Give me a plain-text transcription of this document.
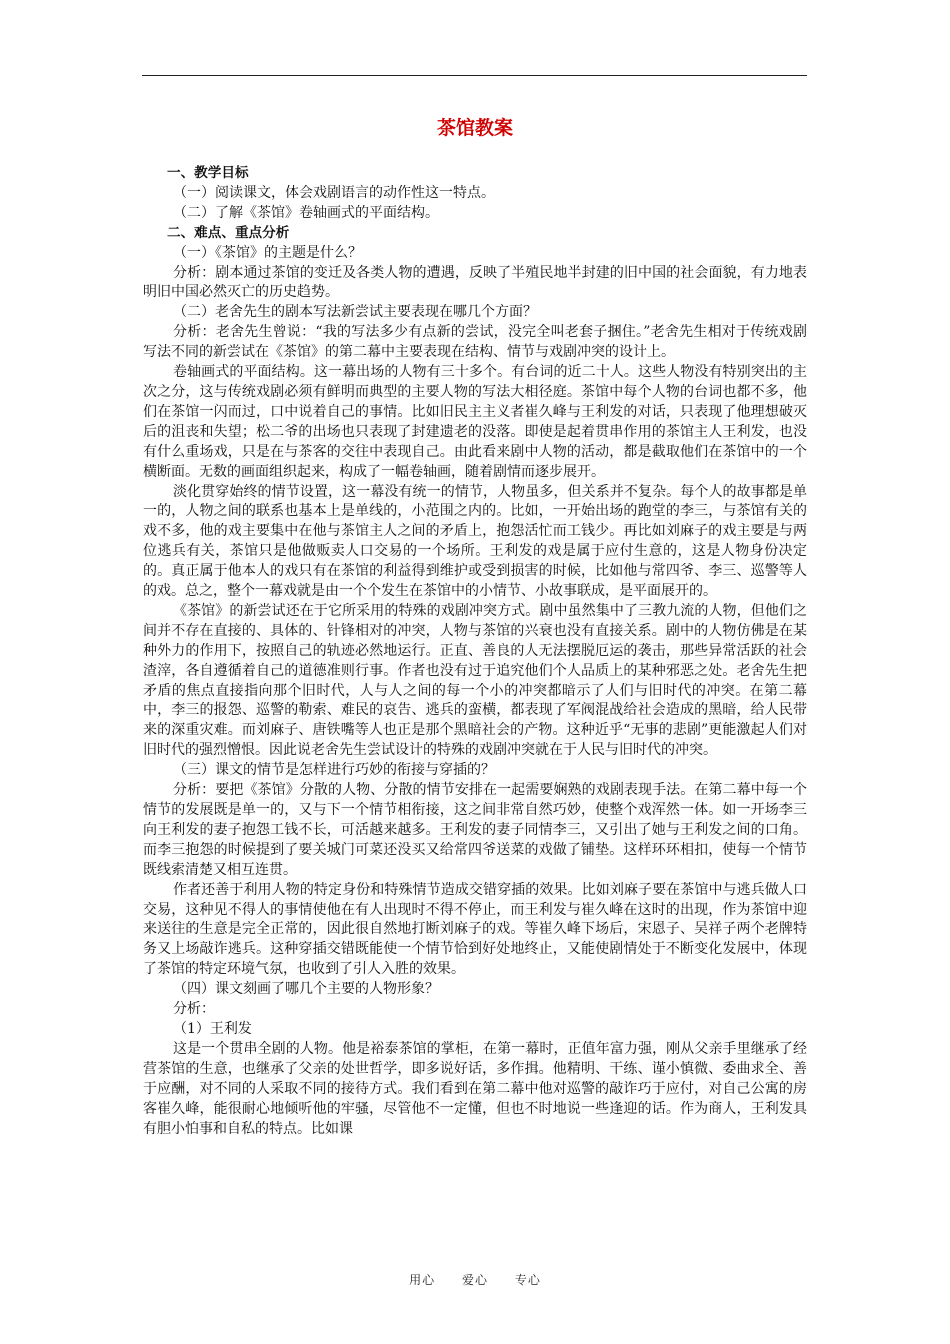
茶馆教案

一、教学目标

（一）阅读课文，体会戏剧语言的动作性这一特点。

（二）了解《茶馆》卷轴画式的平面结构。

二、难点、重点分析

（一）《茶馆》的主题是什么？

分析：剧本通过茶馆的变迁及各类人物的遭遇，反映了半殖民地半封建的旧中国的社会面貌，有力地表明旧中国必然灭亡的历史趋势。

（二）老舍先生的剧本写法新尝试主要表现在哪几个方面？

分析：老舍先生曾说：“我的写法多少有点新的尝试，没完全叫老套子捆住。”老舍先生相对于传统戏剧写法不同的新尝试在《茶馆》的第二幕中主要表现在结构、情节与戏剧冲突的设计上。

卷轴画式的平面结构。这一幕出场的人物有三十多个。有台词的近二十人。这些人物没有特别突出的主次之分，这与传统戏剧必须有鲜明而典型的主要人物的写法大相径庭。茶馆中每个人物的台词也都不多，他们在茶馆一闪而过，口中说着自己的事情。比如旧民主主义者崔久峰与王利发的对话，只表现了他理想破灭后的沮丧和失望；松二爷的出场也只表现了封建遗老的没落。即使是起着贯串作用的茶馆主人王利发，也没有什么重场戏，只是在与茶客的交往中表现自己。由此看来剧中人物的活动，都是截取他们在茶馆中的一个横断面。无数的画面组织起来，构成了一幅卷轴画，随着剧情而逐步展开。

淡化贯穿始终的情节设置，这一幕没有统一的情节，人物虽多，但关系并不复杂。每个人的故事都是单一的，人物之间的联系也基本上是单线的，小范围之内的。比如，一开始出场的跑堂的李三，与茶馆有关的戏不多，他的戏主要集中在他与茶馆主人之间的矛盾上，抱怨活忙而工钱少。再比如刘麻子的戏主要是与两位逃兵有关，茶馆只是他做贩卖人口交易的一个场所。王利发的戏是属于应付生意的，这是人物身份决定的。真正属于他本人的戏只有在茶馆的利益得到维护或受到损害的时候，比如他与常四爷、李三、巡警等人的戏。总之，整个一幕戏就是由一个个发生在茶馆中的小情节、小故事联成，是平面展开的。

《茶馆》的新尝试还在于它所采用的特殊的戏剧冲突方式。剧中虽然集中了三教九流的人物，但他们之间并不存在直接的、具体的、针锋相对的冲突，人物与茶馆的兴衰也没有直接关系。剧中的人物仿佛是在某种外力的作用下，按照自己的轨迹必然地运行。正直、善良的人无法摆脱厄运的袭击，那些异常活跃的社会渣滓，各自遵循着自己的道德准则行事。作者也没有过于追究他们个人品质上的某种邪恶之处。老舍先生把矛盾的焦点直接指向那个旧时代，人与人之间的每一个小的冲突都暗示了人们与旧时代的冲突。在第二幕中，李三的报怨、巡警的勒索、难民的哀告、逃兵的蛮横，都表现了军阀混战给社会造成的黑暗，给人民带来的深重灾难。而刘麻子、唐铁嘴等人也正是那个黑暗社会的产物。这种近乎“无事的悲剧”更能激起人们对旧时代的强烈憎恨。因此说老舍先生尝试设计的特殊的戏剧冲突就在于人民与旧时代的冲突。

（三）课文的情节是怎样进行巧妙的衔接与穿插的？

分析：要把《茶馆》分散的人物、分散的情节安排在一起需要娴熟的戏剧表现手法。在第二幕中每一个情节的发展既是单一的，又与下一个情节相衔接，这之间非常自然巧妙，使整个戏浑然一体。如一开场李三向王利发的妻子抱怨工钱不长，可活越来越多。王利发的妻子同情李三，又引出了她与王利发之间的口角。而李三抱怨的时候提到了要关城门可菜还没买又给常四爷送菜的戏做了铺垫。这样环环相扣，使每一个情节既线索清楚又相互连贯。

作者还善于利用人物的特定身份和特殊情节造成交错穿插的效果。比如刘麻子要在茶馆中与逃兵做人口交易，这种见不得人的事情使他在有人出现时不得不停止，而王利发与崔久峰在这时的出现，作为茶馆中迎来送往的生意是完全正常的，因此很自然地打断刘麻子的戏。等崔久峰下场后，宋恩子、吴祥子两个老牌特务又上场敲诈逃兵。这种穿插交错既能使一个情节恰到好处地终止，又能使剧情处于不断变化发展中，体现了茶馆的特定环境气氛，也收到了引人入胜的效果。

（四）课文刻画了哪几个主要的人物形象？

分析：

（1）王利发

这是一个贯串全剧的人物。他是裕泰茶馆的掌柜，在第一幕时，正值年富力强，刚从父亲手里继承了经营茶馆的生意，也继承了父亲的处世哲学，即多说好话，多作揖。他精明、干练、谨小慎微、委曲求全、善于应酬，对不同的人采取不同的接待方式。我们看到在第二幕中他对巡警的敲诈巧于应付，对自己公寓的房客崔久峰，能很耐心地倾听他的牢骚，尽管他不一定懂，但也不时地说一些逢迎的话。作为商人，王利发具有胆小怕事和自私的特点。比如课

用心 爱心 专心
